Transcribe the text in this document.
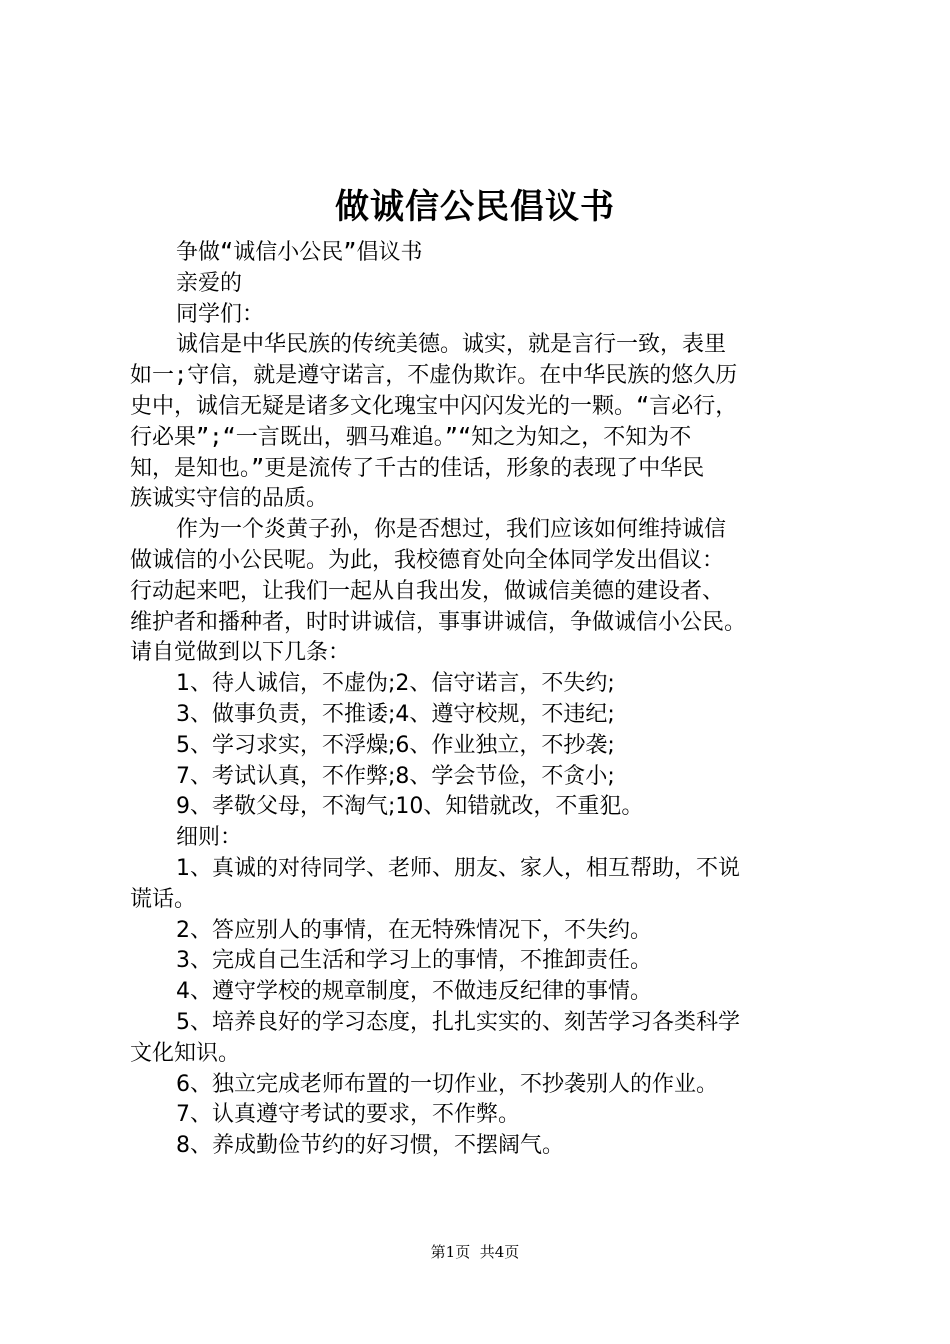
做诚信公民倡议书

争做“诚信小公民”倡议书

亲爱的

同学们：

诚信是中华民族的传统美德。诚实，就是言行一致，表里

如一;守信，就是遵守诺言，不虚伪欺诈。在中华民族的悠久历

史中，诚信无疑是诸多文化瑰宝中闪闪发光的一颗。“言必行，

行必果”;“一言既出，驷马难追。”“知之为知之，不知为不

知，是知也。”更是流传了千古的佳话，形象的表现了中华民

族诚实守信的品质。

作为一个炎黄子孙，你是否想过，我们应该如何维持诚信

做诚信的小公民呢。为此，我校德育处向全体同学发出倡议：

行动起来吧，让我们一起从自我出发，做诚信美德的建设者、

维护者和播种者，时时讲诚信，事事讲诚信，争做诚信小公民。

请自觉做到以下几条：

1、待人诚信，不虚伪;2、信守诺言，不失约;

3、做事负责，不推诿;4、遵守校规，不违纪;

5、学习求实，不浮燥;6、作业独立，不抄袭;

7、考试认真，不作弊;8、学会节俭，不贪小;

9、孝敬父母，不淘气;10、知错就改，不重犯。

细则：

1、真诚的对待同学、老师、朋友、家人，相互帮助，不说

谎话。

2、答应别人的事情，在无特殊情况下，不失约。

3、完成自己生活和学习上的事情，不推卸责任。

4、遵守学校的规章制度，不做违反纪律的事情。

5、培养良好的学习态度，扎扎实实的、刻苦学习各类科学

文化知识。

6、独立完成老师布置的一切作业，不抄袭别人的作业。

7、认真遵守考试的要求，不作弊。

8、养成勤俭节约的好习惯，不摆阔气。

第1页 共4页
